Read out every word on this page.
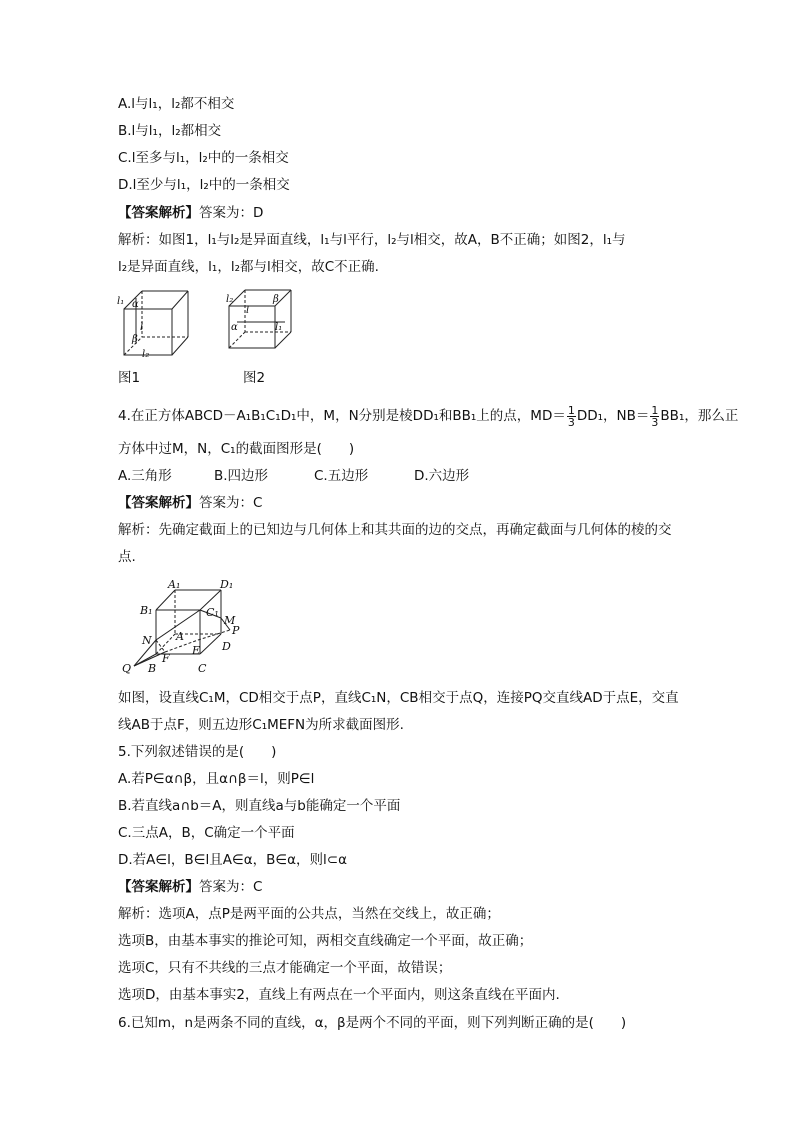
A.l与l₁，l₂都不相交
B.l与l₁，l₂都相交
C.l至多与l₁，l₂中的一条相交
D.l至少与l₁，l₂中的一条相交
【答案解析】答案为：D
解析：如图1，l₁与l₂是异面直线，l₁与l平行，l₂与l相交，故A，B不正确；如图2，l₁与
l₂是异面直线，l₁，l₂都与l相交，故C不正确.
l₁ α
l
β
l₂
图1
l₂
l
β
α	l₁
图2
4.在正方体ABCD－A₁B₁C₁D₁中，M，N分别是棱DD₁和BB₁上的点，$MD= \frac{1}{3} DD_1$，$NB= \frac{1}{3} BB_1$，那么正
方体中过M，N，C₁的截面图形是(　　)
A.三角形	B.四边形	C.五边形	D.六边形
【答案解析】答案为：C
解析：先确定截面上的已知边与几何体上和其共面的边的交点，再确定截面与几何体的棱的交
点.
A₁	D₁
B₁	C₁
M
P
N A
D
E
F
Q B	C
如图，设直线C₁M，CD相交于点P，直线C₁N，CB相交于点Q，连接PQ交直线AD于点E，交直
线AB于点F，则五边形C₁MEFN为所求截面图形.
5.下列叙述错误的是(　　)
A.若P∈α∩β，且α∩β＝l，则P∈l
B.若直线a∩b＝A，则直线a与b能确定一个平面
C.三点A，B，C确定一个平面
D.若A∈l，B∈l且A∈α，B∈α，则l⊂α
【答案解析】答案为：C
解析：选项A，点P是两平面的公共点，当然在交线上，故正确；
选项B，由基本事实的推论可知，两相交直线确定一个平面，故正确；
选项C，只有不共线的三点才能确定一个平面，故错误；
选项D，由基本事实2，直线上有两点在一个平面内，则这条直线在平面内.
6.已知m，n是两条不同的直线，α，β是两个不同的平面，则下列判断正确的是(　　)
